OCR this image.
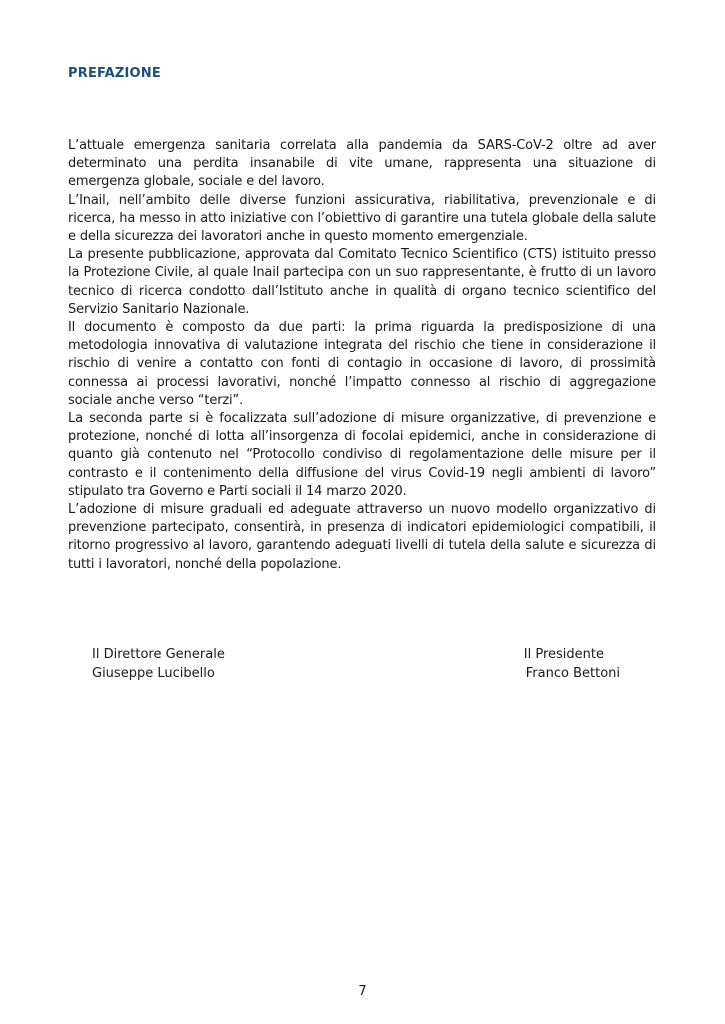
PREFAZIONE

L’attuale emergenza sanitaria correlata alla pandemia da SARS-CoV-2 oltre ad aver determinato una perdita insanabile di vite umane, rappresenta una situazione di emergenza globale, sociale e del lavoro.

L’Inail, nell’ambito delle diverse funzioni assicurativa, riabilitativa, prevenzionale e di ricerca, ha messo in atto iniziative con l’obiettivo di garantire una tutela globale della salute e della sicurezza dei lavoratori anche in questo momento emergenziale.

La presente pubblicazione, approvata dal Comitato Tecnico Scientifico (CTS) istituito presso la Protezione Civile, al quale Inail partecipa con un suo rappresentante, è frutto di un lavoro tecnico di ricerca condotto dall’Istituto anche in qualità di organo tecnico scientifico del Servizio Sanitario Nazionale.

Il documento è composto da due parti: la prima riguarda la predisposizione di una metodologia innovativa di valutazione integrata del rischio che tiene in considerazione il rischio di venire a contatto con fonti di contagio in occasione di lavoro, di prossimità connessa ai processi lavorativi, nonché l’impatto connesso al rischio di aggregazione sociale anche verso “terzi”.

La seconda parte si è focalizzata sull’adozione di misure organizzative, di prevenzione e protezione, nonché di lotta all’insorgenza di focolai epidemici, anche in considerazione di quanto già contenuto nel “Protocollo condiviso di regolamentazione delle misure per il contrasto e il contenimento della diffusione del virus Covid-19 negli ambienti di lavoro” stipulato tra Governo e Parti sociali il 14 marzo 2020.

L’adozione di misure graduali ed adeguate attraverso un nuovo modello organizzativo di prevenzione partecipato, consentirà, in presenza di indicatori epidemiologici compatibili, il ritorno progressivo al lavoro, garantendo adeguati livelli di tutela della salute e sicurezza di tutti i lavoratori, nonché della popolazione.

Il Direttore Generale
Giuseppe Lucibello
Il Presidente
Franco Bettoni
7
